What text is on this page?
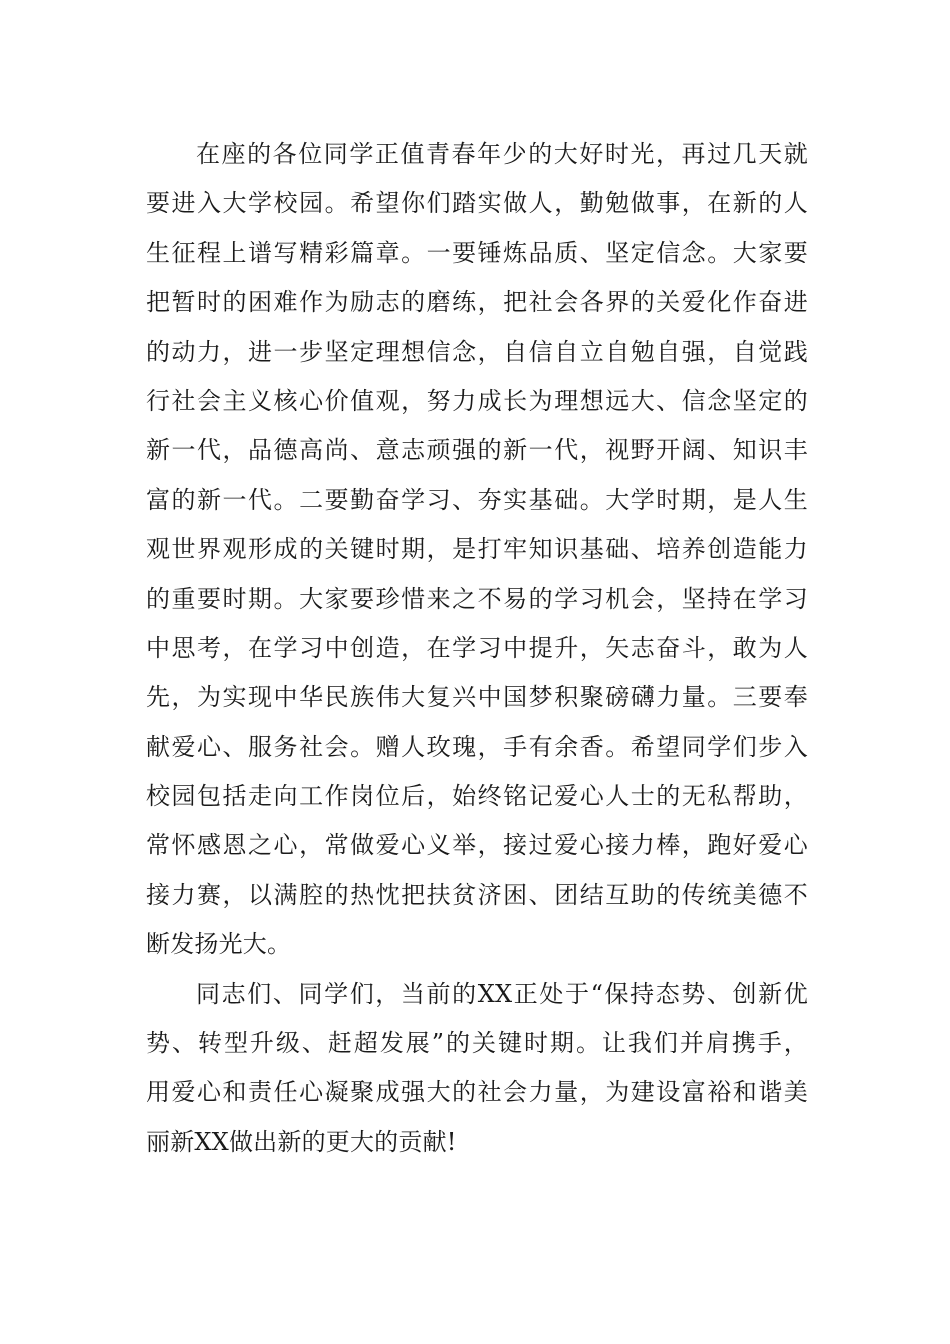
在座的各位同学正值青春年少的大好时光，再过几天就
要进入大学校园。希望你们踏实做人，勤勉做事，在新的人
生征程上谱写精彩篇章。一要锤炼品质、坚定信念。大家要
把暂时的困难作为励志的磨练，把社会各界的关爱化作奋进
的动力，进一步坚定理想信念，自信自立自勉自强，自觉践
行社会主义核心价值观，努力成长为理想远大、信念坚定的
新一代，品德高尚、意志顽强的新一代，视野开阔、知识丰
富的新一代。二要勤奋学习、夯实基础。大学时期，是人生
观世界观形成的关键时期，是打牢知识基础、培养创造能力
的重要时期。大家要珍惜来之不易的学习机会，坚持在学习
中思考，在学习中创造，在学习中提升，矢志奋斗，敢为人
先，为实现中华民族伟大复兴中国梦积聚磅礴力量。三要奉
献爱心、服务社会。赠人玫瑰，手有余香。希望同学们步入
校园包括走向工作岗位后，始终铭记爱心人士的无私帮助，
常怀感恩之心，常做爱心义举，接过爱心接力棒，跑好爱心
接力赛，以满腔的热忱把扶贫济困、团结互助的传统美德不
断发扬光大。
同志们、同学们，当前的XX正处于“保持态势、创新优
势、转型升级、赶超发展”的关键时期。让我们并肩携手，
用爱心和责任心凝聚成强大的社会力量，为建设富裕和谐美
丽新XX做出新的更大的贡献!
